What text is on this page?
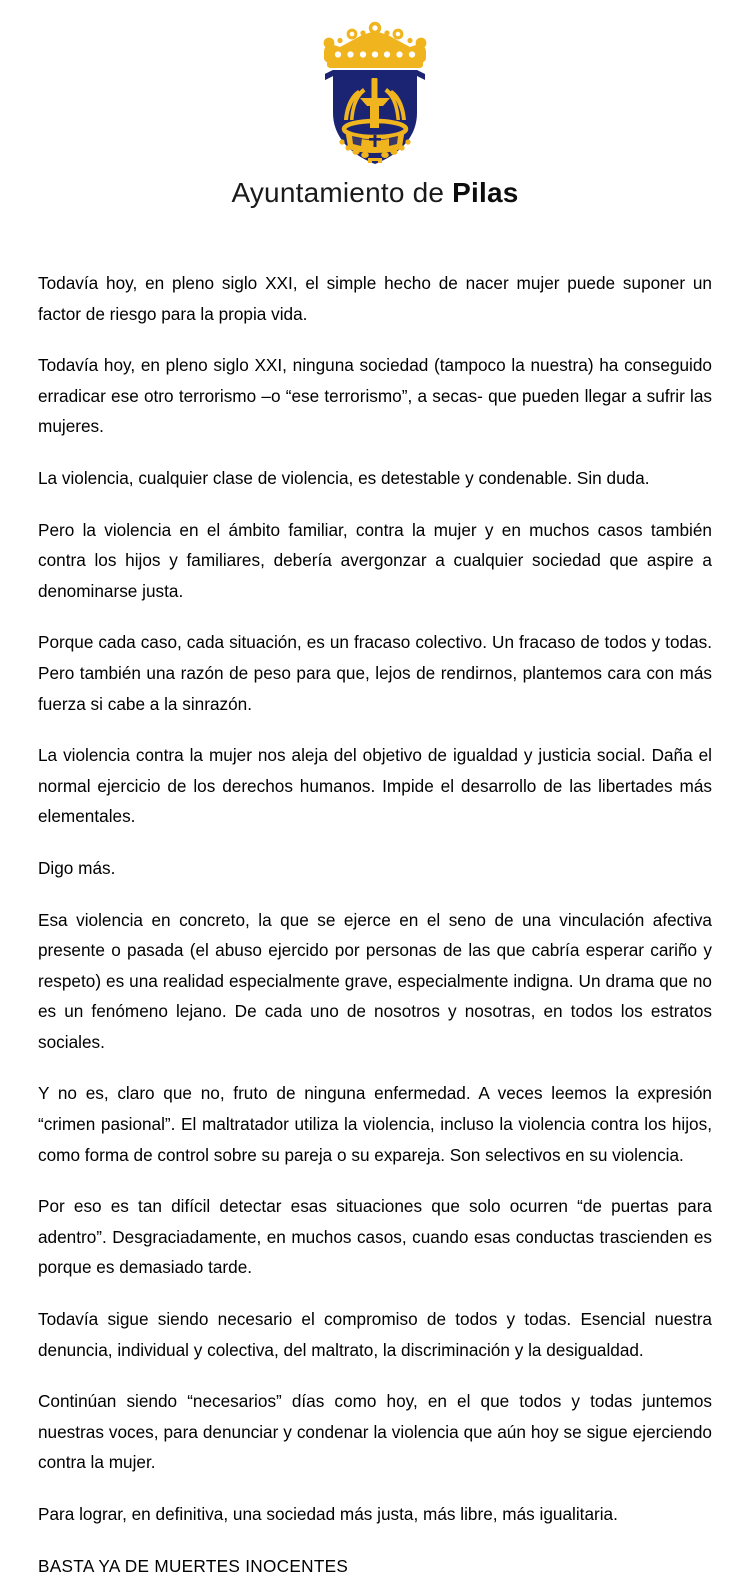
Ayuntamiento de Pilas

Todavía hoy, en pleno siglo XXI, el simple hecho de nacer mujer puede suponer un factor de riesgo para la propia vida.

Todavía hoy, en pleno siglo XXI, ninguna sociedad (tampoco la nuestra) ha conseguido erradicar ese otro terrorismo –o “ese terrorismo”, a secas- que pueden llegar a sufrir las mujeres.

La violencia, cualquier clase de violencia, es detestable y condenable. Sin duda.

Pero la violencia en el ámbito familiar, contra la mujer y en muchos casos también contra los hijos y familiares, debería avergonzar a cualquier sociedad que aspire a denominarse justa.

Porque cada caso, cada situación, es un fracaso colectivo. Un fracaso de todos y todas. Pero también una razón de peso para que, lejos de rendirnos, plantemos cara con más fuerza si cabe a la sinrazón.

La violencia contra la mujer nos aleja del objetivo de igualdad y justicia social. Daña el normal ejercicio de los derechos humanos. Impide el desarrollo de las libertades más elementales.

Digo más.

Esa violencia en concreto, la que se ejerce en el seno de una vinculación afectiva presente o pasada (el abuso ejercido por personas de las que cabría esperar cariño y respeto) es una realidad especialmente grave, especialmente indigna. Un drama que no es un fenómeno lejano. De cada uno de nosotros y nosotras, en todos los estratos sociales.

Y no es, claro que no, fruto de ninguna enfermedad. A veces leemos la expresión “crimen pasional”. El maltratador utiliza la violencia, incluso la violencia contra los hijos, como forma de control sobre su pareja o su expareja. Son selectivos en su violencia.

Por eso es tan difícil detectar esas situaciones que solo ocurren “de puertas para adentro”. Desgraciadamente, en muchos casos, cuando esas conductas trascienden es porque es demasiado tarde.

Todavía sigue siendo necesario el compromiso de todos y todas. Esencial nuestra denuncia, individual y colectiva, del maltrato, la discriminación y la desigualdad.

Continúan siendo “necesarios” días como hoy, en el que todos y todas juntemos nuestras voces, para denunciar y condenar la violencia que aún hoy se sigue ejerciendo contra la mujer.

Para lograr, en definitiva, una sociedad más justa, más libre, más igualitaria.

BASTA YA DE MUERTES INOCENTES
